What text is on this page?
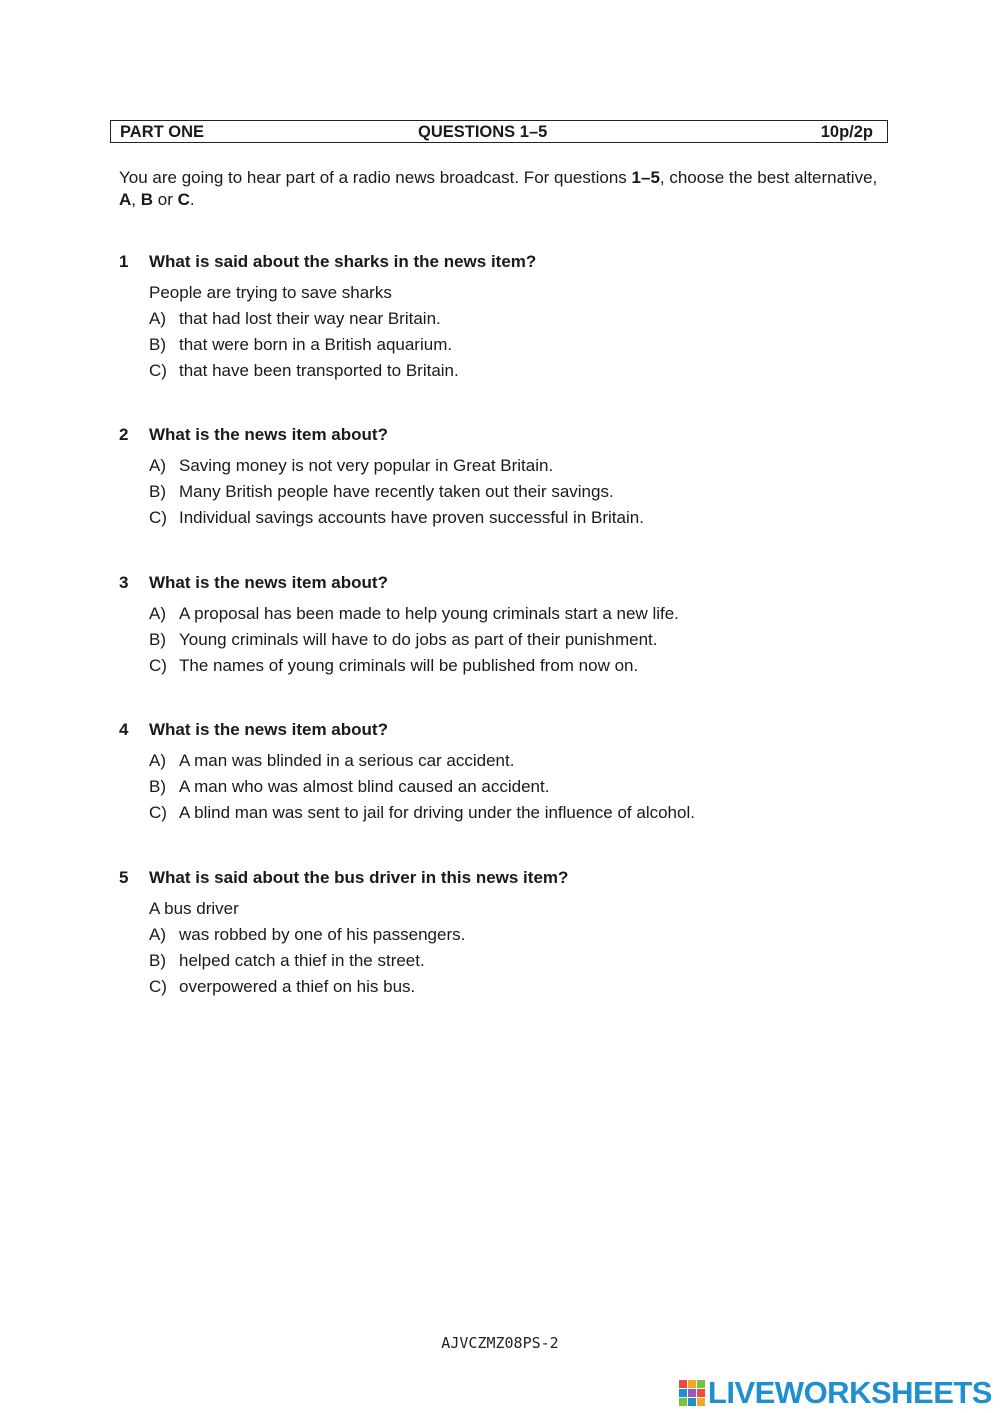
PART ONE	QUESTIONS 1–5	10p/2p
You are going to hear part of a radio news broadcast. For questions 1–5, choose the best alternative, A, B or C.
1 What is said about the sharks in the news item?
People are trying to save sharks
A) that had lost their way near Britain.
B) that were born in a British aquarium.
C) that have been transported to Britain.
2 What is the news item about?
A) Saving money is not very popular in Great Britain.
B) Many British people have recently taken out their savings.
C) Individual savings accounts have proven successful in Britain.
3 What is the news item about?
A) A proposal has been made to help young criminals start a new life.
B) Young criminals will have to do jobs as part of their punishment.
C) The names of young criminals will be published from now on.
4 What is the news item about?
A) A man was blinded in a serious car accident.
B) A man who was almost blind caused an accident.
C) A blind man was sent to jail for driving under the influence of alcohol.
5 What is said about the bus driver in this news item?
A bus driver
A) was robbed by one of his passengers.
B) helped catch a thief in the street.
C) overpowered a thief on his bus.
AJVCZMZ08PS-2
LIVEWORKSHEETS
